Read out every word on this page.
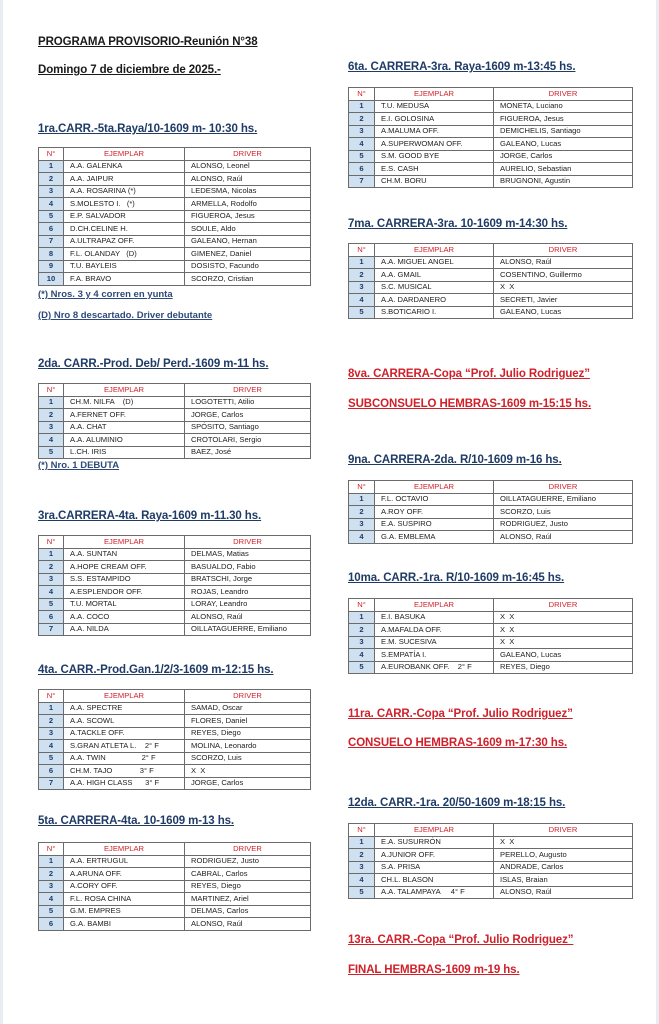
PROGRAMA PROVISORIO-Reunión N°38
Domingo 7 de diciembre de 2025.-
1ra.CARR.-5ta.Raya/10-1609 m- 10:30 hs.
N°	EJEMPLAR	DRIVER
1	A.A. GALENKA	ALONSO, Leonel
2	A.A. JAIPUR	ALONSO, Raúl
3	A.A. ROSARINA (*)	LEDESMA, Nicolas
4	S.MOLESTO I.   (*)	ARMELLA, Rodolfo
5	E.P. SALVADOR	FIGUEROA, Jesus
6	D.CH.CELINE H.	SOULE, Aldo
7	A.ULTRAPAZ OFF.	GALEANO, Hernan
8	F.L. OLANDAY   (D)	GIMENEZ, Daniel
9	T.U. BAYLEIS	DOSISTO, Facundo
10	F.A. BRAVO	SCORZO, Cristian
(*) Nros. 3 y 4 corren en yunta
(D) Nro 8 descartado. Driver debutante
2da. CARR.-Prod. Deb/ Perd.-1609 m-11 hs.
N°	EJEMPLAR	DRIVER
1	CH.M. NILFA    (D)	LOGOTETTI, Atilio
2	A.FERNET OFF.	JORGE, Carlos
3	A.A. CHAT	SPÓSITO, Santiago
4	A.A. ALUMINIO	CROTOLARI, Sergio
5	L.CH. IRIS	BAEZ, José
(*) Nro. 1 DEBUTA
3ra.CARRERA-4ta. Raya-1609 m-11.30 hs.
N°	EJEMPLAR	DRIVER
1	A.A. SUNTAN	DELMAS, Matias
2	A.HOPE CREAM OFF.	BASUALDO, Fabio
3	S.S. ESTAMPIDO	BRATSCHI, Jorge
4	A.ESPLENDOR OFF.	ROJAS, Leandro
5	T.U. MORTAL	LORAY, Leandro
6	A.A. COCO	ALONSO, Raúl
7	A.A. NILDA	OILLATAGUERRE, Emiliano
4ta. CARR.-Prod.Gan.1/2/3-1609 m-12:15 hs.
N°	EJEMPLAR	DRIVER
1	A.A. SPECTRE	SAMAD, Oscar
2	A.A. SCOWL	FLORES, Daniel
3	A.TACKLE OFF.	REYES, Diego
4	S.GRAN ATLETA L.    2° F	MOLINA, Leonardo
5	A.A. TWIN                 2° F	SCORZO, Luis
6	CH.M. TAJO             3° F	X  X
7	A.A. HIGH CLASS      3° F	JORGE, Carlos
5ta. CARRERA-4ta. 10-1609 m-13 hs.
N°	EJEMPLAR	DRIVER
1	A.A. ERTRUGUL	RODRIGUEZ, Justo
2	A.ARUNA OFF.	CABRAL, Carlos
3	A.CORY OFF.	REYES, Diego
4	F.L. ROSA CHINA	MARTINEZ, Ariel
5	G.M. EMPRES	DELMAS, Carlos
6	G.A. BAMBI	ALONSO, Raúl
6ta. CARRERA-3ra. Raya-1609 m-13:45 hs.
N°	EJEMPLAR	DRIVER
1	T.U. MEDUSA	MONETA, Luciano
2	E.I. GOLOSINA	FIGUEROA, Jesus
3	A.MALUMA OFF.	DEMICHELIS, Santiago
4	A.SUPERWOMAN OFF.	GALEANO, Lucas
5	S.M. GOOD BYE	JORGE, Carlos
6	E.S. CASH	AURELIO, Sebastian
7	CH.M. BORU	BRUGNONI, Agustin
7ma. CARRERA-3ra. 10-1609 m-14:30 hs.
N°	EJEMPLAR	DRIVER
1	A.A. MIGUEL ANGEL	ALONSO, Raúl
2	A.A. GMAIL	COSENTINO, Guillermo
3	S.C. MUSICAL	X  X
4	A.A. DARDANERO	SECRETI, Javier
5	S.BOTICARIO I.	GALEANO, Lucas
8va. CARRERA-Copa “Prof. Julio Rodriguez”
SUBCONSUELO HEMBRAS-1609 m-15:15 hs.
9na. CARRERA-2da. R/10-1609 m-16 hs.
N°	EJEMPLAR	DRIVER
1	F.L. OCTAVIO	OILLATAGUERRE, Emiliano
2	A.ROY OFF.	SCORZO, Luis
3	E.A. SUSPIRO	RODRIGUEZ, Justo
4	G.A. EMBLEMA	ALONSO, Raúl
10ma. CARR.-1ra. R/10-1609 m-16:45 hs.
N°	EJEMPLAR	DRIVER
1	E.I. BASUKA	X  X
2	A.MAFALDA OFF.	X  X
3	E.M. SUCESIVA	X  X
4	S.EMPATÍA I.	GALEANO, Lucas
5	A.EUROBANK OFF.    2° F	REYES, Diego
11ra. CARR.-Copa “Prof. Julio Rodriguez”
CONSUELO HEMBRAS-1609 m-17:30 hs.
12da. CARR.-1ra. 20/50-1609 m-18:15 hs.
N°	EJEMPLAR	DRIVER
1	E.A. SUSURRÓN	X  X
2	A.JUNIOR OFF.	PERELLO, Augusto
3	S.A. PRISA	ANDRADE, Carlos
4	CH.L. BLASON	ISLAS, Braian
5	A.A. TALAMPAYA     4° F	ALONSO, Raúl
13ra. CARR.-Copa “Prof. Julio Rodriguez”
FINAL HEMBRAS-1609 m-19 hs.
